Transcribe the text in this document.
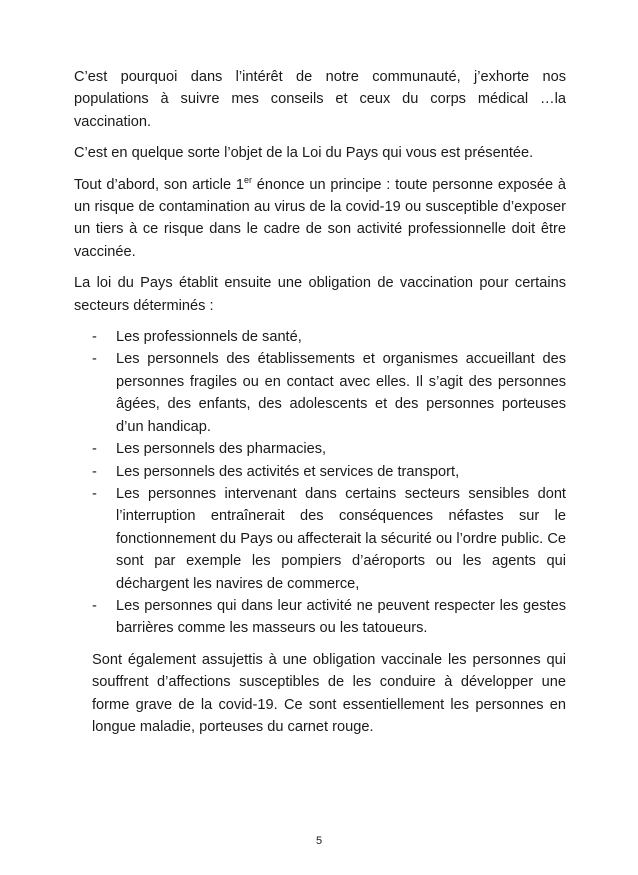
C’est pourquoi dans l’intérêt de notre communauté, j’exhorte nos populations à suivre mes conseils et ceux du corps médical …la vaccination.

C’est en quelque sorte l’objet de la Loi du Pays qui vous est présentée.

Tout d’abord, son article 1er énonce un principe : toute personne exposée à un risque de contamination au virus de la covid-19 ou susceptible d’exposer un tiers à ce risque dans le cadre de son activité professionnelle doit être vaccinée.

La loi du Pays établit ensuite une obligation de vaccination pour certains secteurs déterminés :

- Les professionnels de santé,
- Les personnels des établissements et organismes accueillant des personnes fragiles ou en contact avec elles. Il s’agit des personnes âgées, des enfants, des adolescents et des personnes porteuses d’un handicap.
- Les personnels des pharmacies,
- Les personnels des activités et services de transport,
- Les personnes intervenant dans certains secteurs sensibles dont l’interruption entraînerait des conséquences néfastes sur le fonctionnement du Pays ou affecterait la sécurité ou l’ordre public. Ce sont par exemple les pompiers d’aéroports ou les agents qui déchargent les navires de commerce,
- Les personnes qui dans leur activité ne peuvent respecter les gestes barrières comme les masseurs ou les tatoueurs.

Sont également assujettis à une obligation vaccinale les personnes qui souffrent d’affections susceptibles de les conduire à développer une forme grave de la covid-19. Ce sont essentiellement les personnes en longue maladie, porteuses du carnet rouge.

5
